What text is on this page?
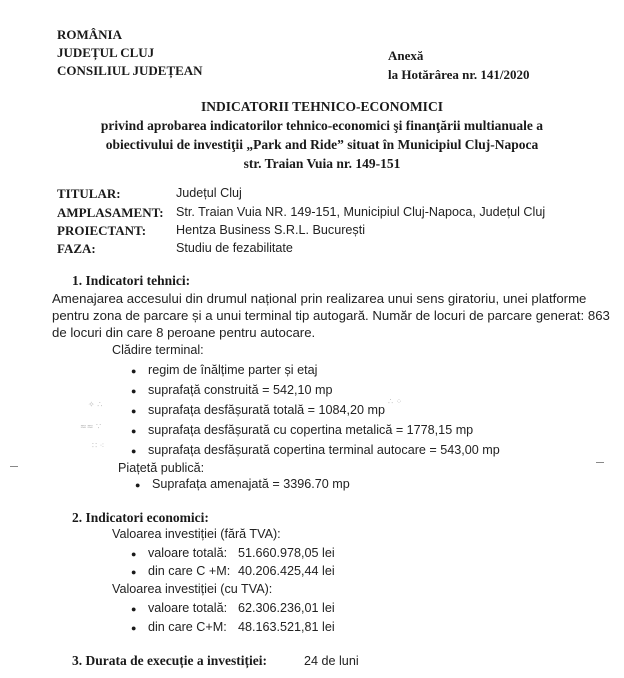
ROMÂNIA
JUDEȚUL CLUJ
CONSILIUL JUDEȚEAN
Anexă
la Hotărârea nr. 141/2020
INDICATORII TEHNICO-ECONOMICI
privind aprobarea indicatorilor tehnico-economici şi finanţării multianuale a
obiectivului de investiţii „Park and Ride” situat în Municipiul Cluj-Napoca
str. Traian Vuia nr. 149-151
TITULAR:	Județul Cluj
AMPLASAMENT: Str. Traian Vuia NR. 149-151, Municipiul Cluj-Napoca, Județul Cluj
PROIECTANT: Hentza Business S.R.L. București
FAZA:	Studiu de fezabilitate
1. Indicatori tehnici:
Amenajarea accesului din drumul național prin realizarea unui sens giratoriu, unei platforme pentru zona de parcare și a unui terminal tip autogară. Număr de locuri de parcare generat: 863 de locuri din care 8 peroane pentru autocare.
Clădire terminal:
● regim de înălțime parter și etaj
● suprafață construită = 542,10 mp
● suprafața desfășurată totală = 1084,20 mp
● suprafața desfășurată cu copertina metalică = 1778,15 mp
● suprafața desfășurată copertina terminal autocare = 543,00 mp
Piațetă publică:
● Suprafața amenajată = 3396.70 mp
✧ ∴
≈≈ ∵
∷ ⁖
∴ ⁘
2. Indicatori economici:
Valoarea investiției (fără TVA):
● valoare totală: 51.660.978,05 lei
● din care C +M: 40.206.425,44 lei
Valoarea investiției (cu TVA):
● valoare totală: 62.306.236,01 lei
● din care C+M: 48.163.521,81 lei
3. Durata de execuție a investiției:	24 de luni
